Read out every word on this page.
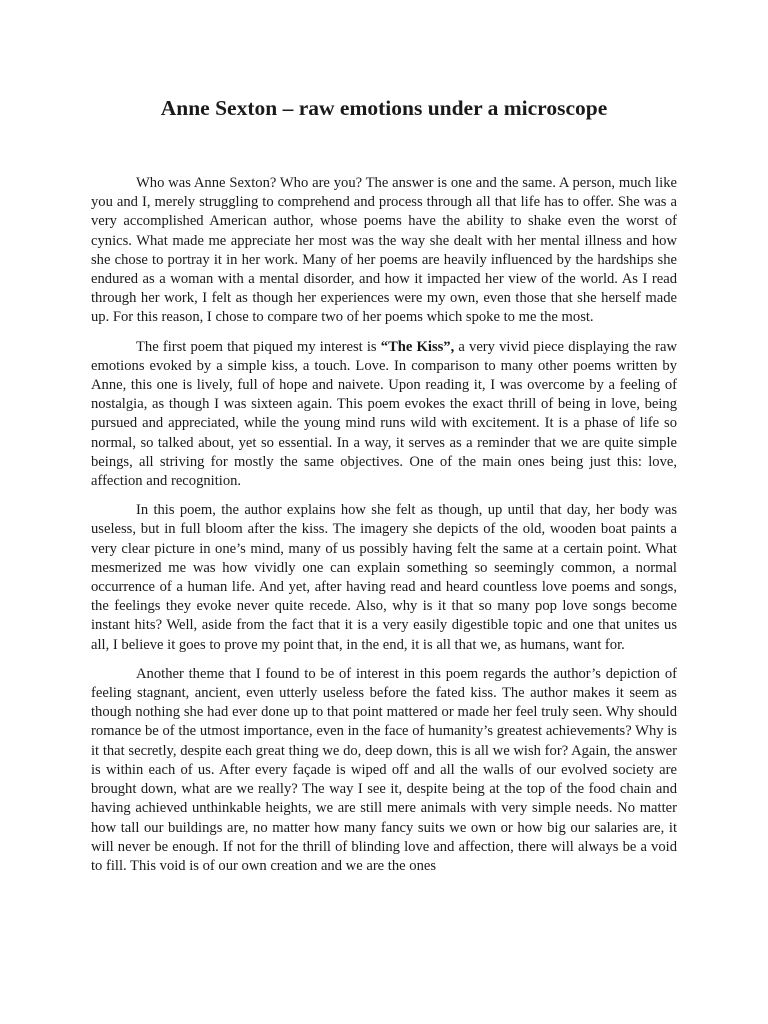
Anne Sexton – raw emotions under a microscope

Who was Anne Sexton? Who are you? The answer is one and the same. A person, much like you and I, merely struggling to comprehend and process through all that life has to offer. She was a very accomplished American author, whose poems have the ability to shake even the worst of cynics. What made me appreciate her most was the way she dealt with her mental illness and how she chose to portray it in her work. Many of her poems are heavily influenced by the hardships she endured as a woman with a mental disorder, and how it impacted her view of the world. As I read through her work, I felt as though her experiences were my own, even those that she herself made up. For this reason, I chose to compare two of her poems which spoke to me the most.

The first poem that piqued my interest is “The Kiss”, a very vivid piece displaying the raw emotions evoked by a simple kiss, a touch. Love. In comparison to many other poems written by Anne, this one is lively, full of hope and naivete. Upon reading it, I was overcome by a feeling of nostalgia, as though I was sixteen again. This poem evokes the exact thrill of being in love, being pursued and appreciated, while the young mind runs wild with excitement. It is a phase of life so normal, so talked about, yet so essential. In a way, it serves as a reminder that we are quite simple beings, all striving for mostly the same objectives. One of the main ones being just this: love, affection and recognition.

In this poem, the author explains how she felt as though, up until that day, her body was useless, but in full bloom after the kiss. The imagery she depicts of the old, wooden boat paints a very clear picture in one’s mind, many of us possibly having felt the same at a certain point. What mesmerized me was how vividly one can explain something so seemingly common, a normal occurrence of a human life. And yet, after having read and heard countless love poems and songs, the feelings they evoke never quite recede. Also, why is it that so many pop love songs become instant hits? Well, aside from the fact that it is a very easily digestible topic and one that unites us all, I believe it goes to prove my point that, in the end, it is all that we, as humans, want for.

Another theme that I found to be of interest in this poem regards the author’s depiction of feeling stagnant, ancient, even utterly useless before the fated kiss. The author makes it seem as though nothing she had ever done up to that point mattered or made her feel truly seen. Why should romance be of the utmost importance, even in the face of humanity’s greatest achievements? Why is it that secretly, despite each great thing we do, deep down, this is all we wish for? Again, the answer is within each of us. After every façade is wiped off and all the walls of our evolved society are brought down, what are we really? The way I see it, despite being at the top of the food chain and having achieved unthinkable heights, we are still mere animals with very simple needs. No matter how tall our buildings are, no matter how many fancy suits we own or how big our salaries are, it will never be enough. If not for the thrill of blinding love and affection, there will always be a void to fill. This void is of our own creation and we are the ones
